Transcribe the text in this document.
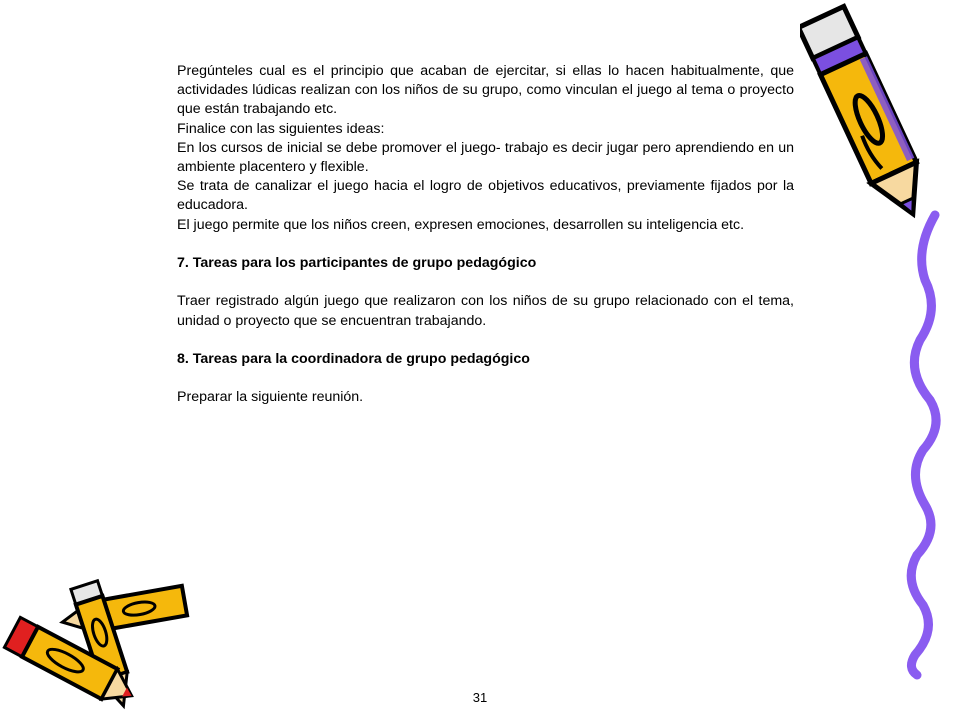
Pregúnteles cual es el principio que acaban de ejercitar, si ellas lo hacen habitualmente, que actividades lúdicas realizan con los niños de su grupo, como vinculan el juego al tema o proyecto que están trabajando etc.

Finalice con las siguientes ideas:

En los cursos de inicial se debe promover el juego- trabajo es decir jugar pero aprendiendo en un ambiente placentero y flexible.

Se trata de canalizar el juego hacia el logro de objetivos educativos, previamente fijados por la educadora.

El juego permite que los niños creen, expresen emociones, desarrollen su inteligencia etc.

7. Tareas para los participantes de grupo pedagógico

Traer registrado algún juego que realizaron con los niños de su grupo relacionado con el tema, unidad o proyecto que se encuentran trabajando.

8. Tareas para la coordinadora de grupo pedagógico

Preparar la siguiente reunión.

31
